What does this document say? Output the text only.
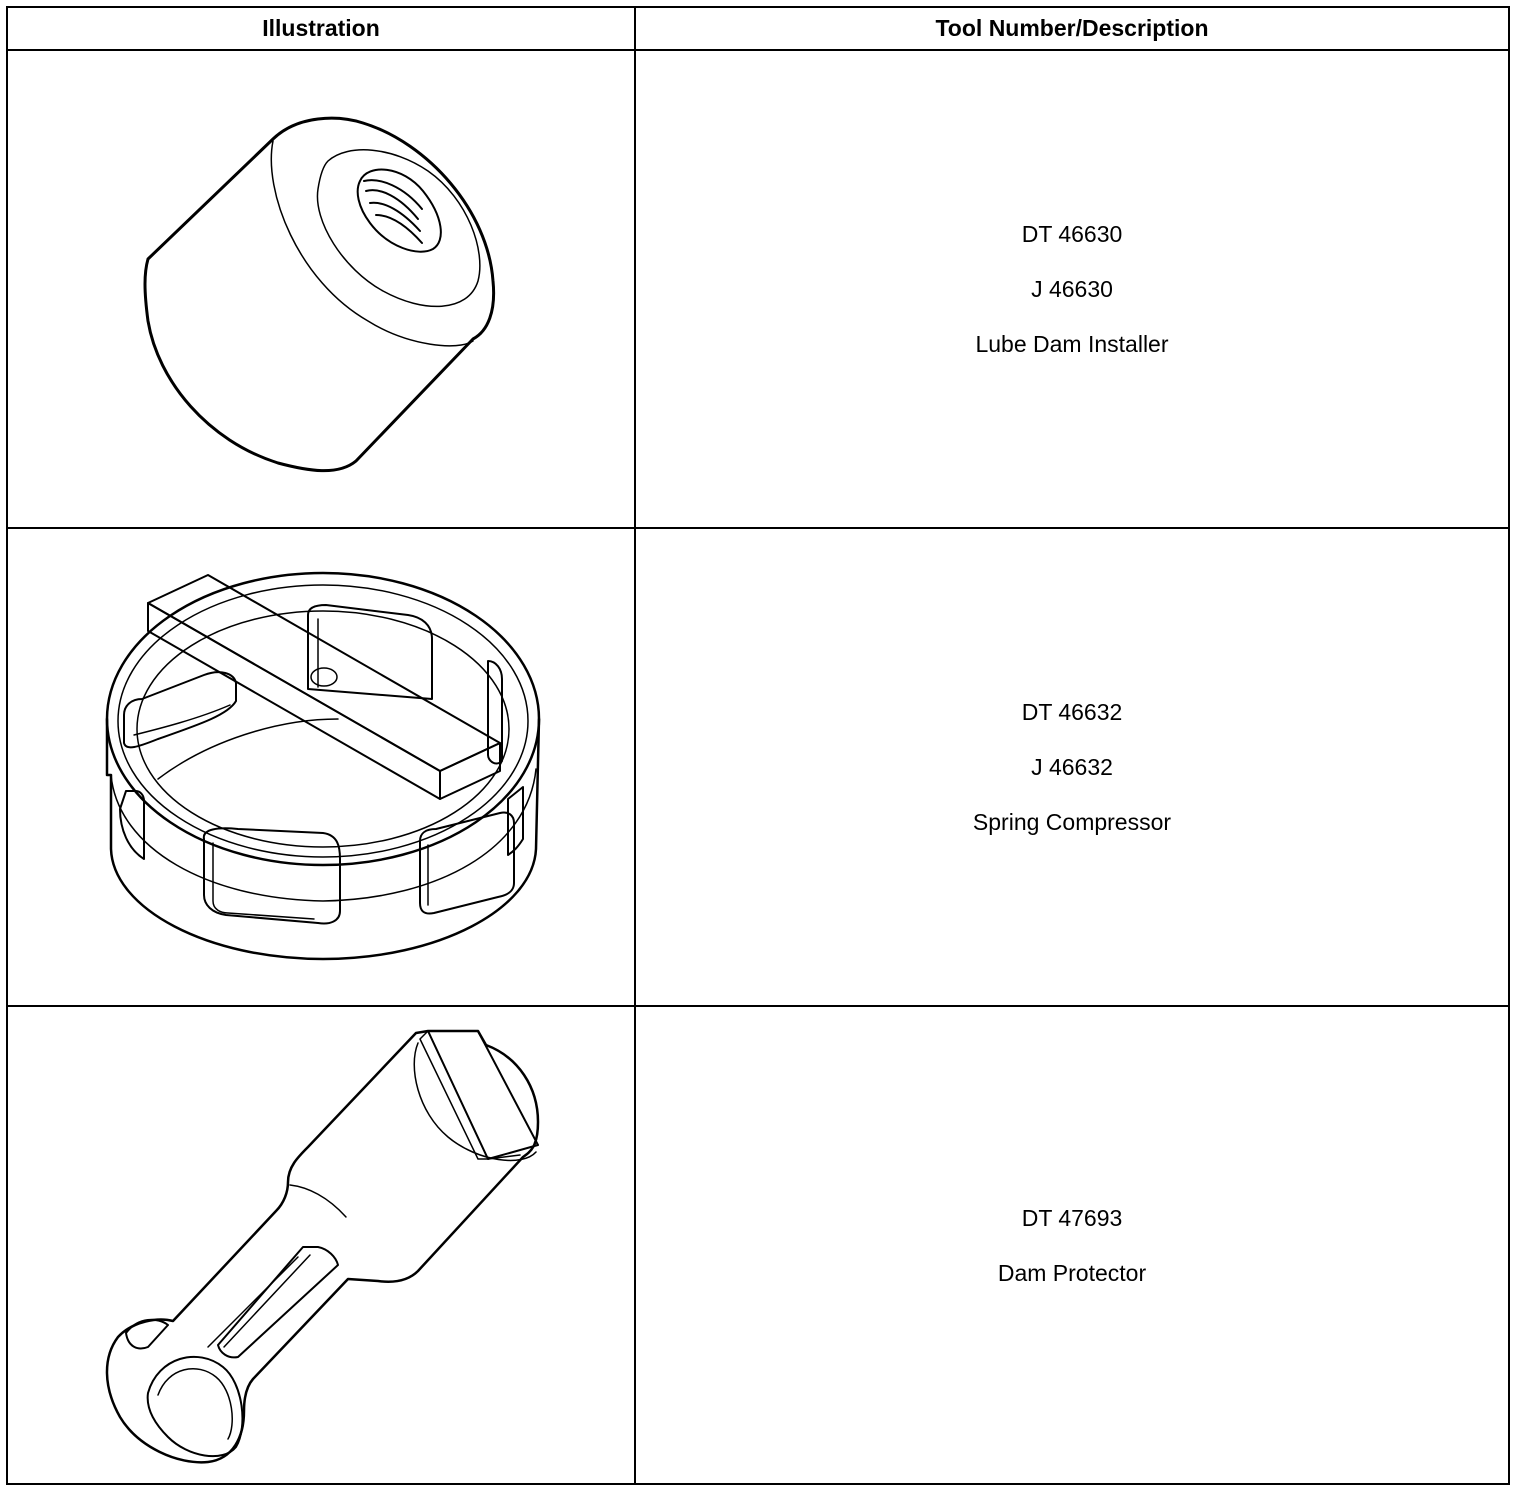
Illustration	Tool Number/Description

DT 46630
J 46630
Lube Dam Installer

DT 46632
J 46632
Spring Compressor

DT 47693
Dam Protector
